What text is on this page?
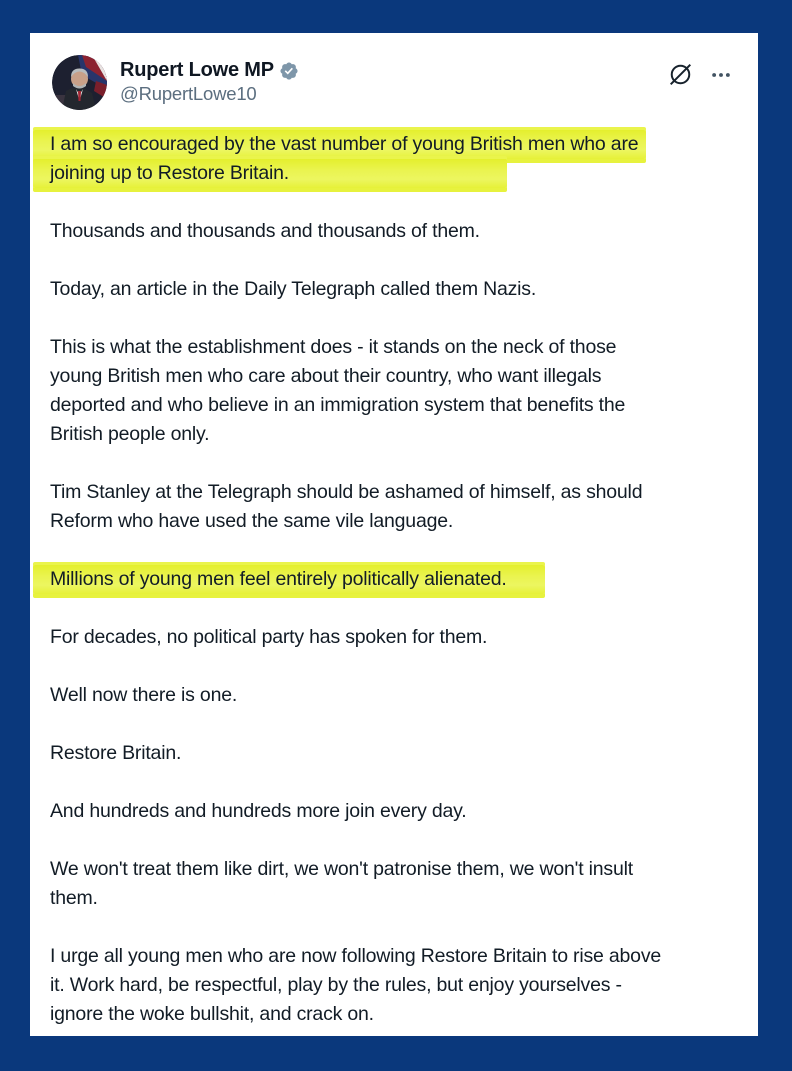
Rupert Lowe MP
@RupertLowe10

I am so encouraged by the vast number of young British men who are
joining up to Restore Britain.

Thousands and thousands and thousands of them.

Today, an article in the Daily Telegraph called them Nazis.

This is what the establishment does - it stands on the neck of those
young British men who care about their country, who want illegals
deported and who believe in an immigration system that benefits the
British people only.

Tim Stanley at the Telegraph should be ashamed of himself, as should
Reform who have used the same vile language.

Millions of young men feel entirely politically alienated.

For decades, no political party has spoken for them.

Well now there is one.

Restore Britain.

And hundreds and hundreds more join every day.

We won't treat them like dirt, we won't patronise them, we won't insult
them.

I urge all young men who are now following Restore Britain to rise above
it. Work hard, be respectful, play by the rules, but enjoy yourselves -
ignore the woke bullshit, and crack on.
